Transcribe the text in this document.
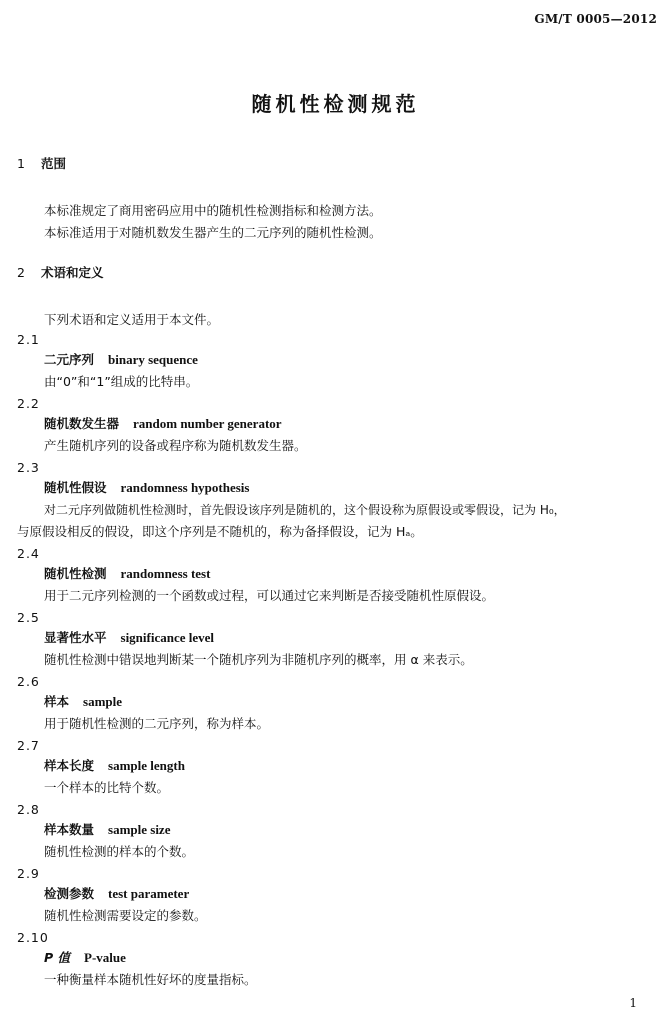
GM/T 0005—2012
随机性检测规范
1 范围
本标准规定了商用密码应用中的随机性检测指标和检测方法。
本标准适用于对随机数发生器产生的二元序列的随机性检测。
2 术语和定义
下列术语和定义适用于本文件。
2.1
二元序列 binary sequence
由“0”和“1”组成的比特串。
2.2
随机数发生器 random number generator
产生随机序列的设备或程序称为随机数发生器。
2.3
随机性假设 randomness hypothesis
对二元序列做随机性检测时，首先假设该序列是随机的，这个假设称为原假设或零假设，记为 H₀，
与原假设相反的假设，即这个序列是不随机的，称为备择假设，记为 Hₐ。
2.4
随机性检测 randomness test
用于二元序列检测的一个函数或过程，可以通过它来判断是否接受随机性原假设。
2.5
显著性水平 significance level
随机性检测中错误地判断某一个随机序列为非随机序列的概率，用 α 来表示。
2.6
样本 sample
用于随机性检测的二元序列，称为样本。
2.7
样本长度 sample length
一个样本的比特个数。
2.8
样本数量 sample size
随机性检测的样本的个数。
2.9
检测参数 test parameter
随机性检测需要设定的参数。
2.10
P 值 P-value
一种衡量样本随机性好坏的度量指标。
1
